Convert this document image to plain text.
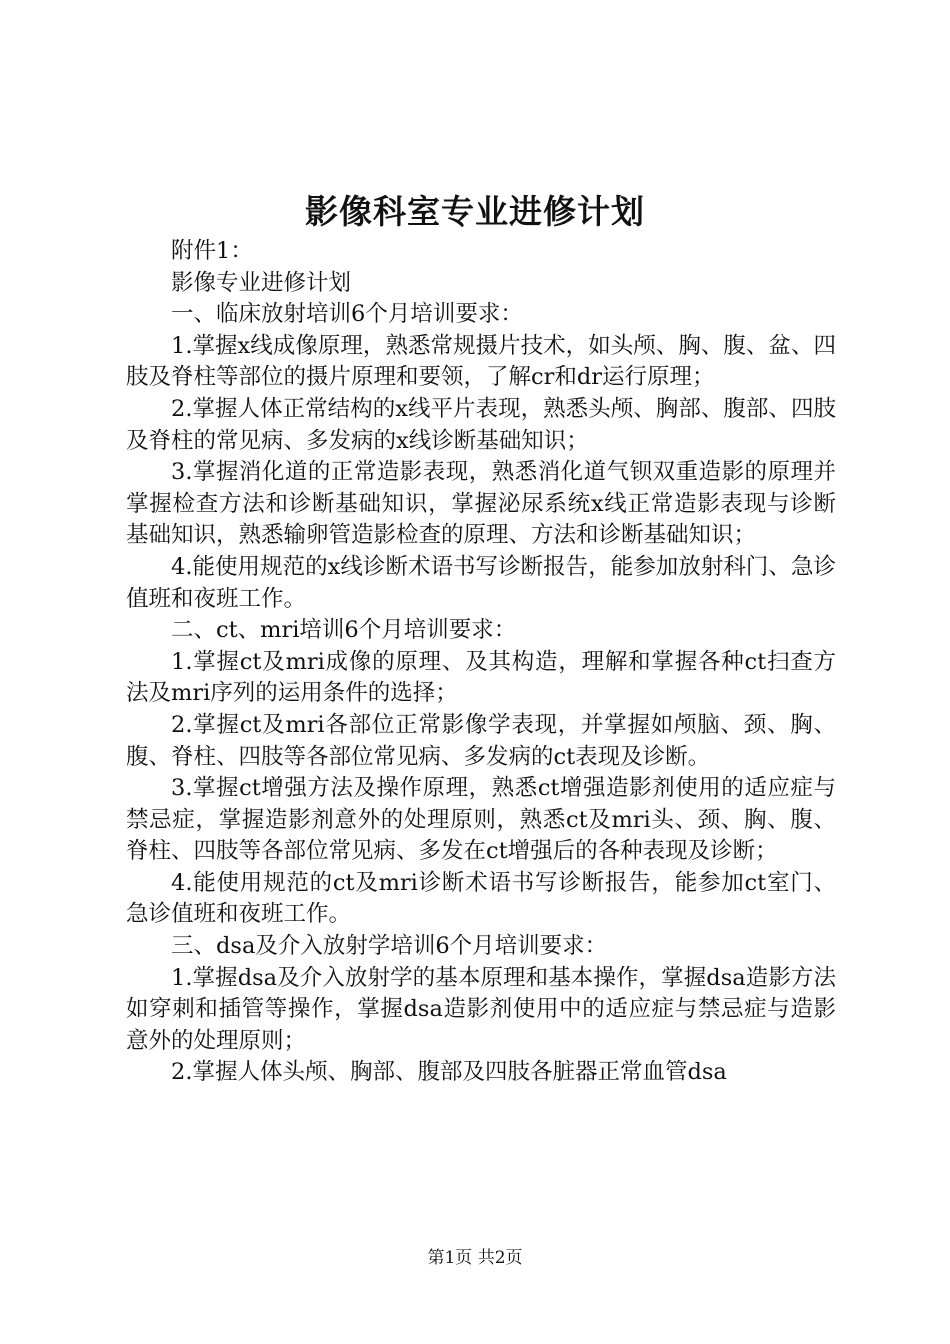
影像科室专业进修计划

附件1：

影像专业进修计划

一、临床放射培训6个月培训要求：

1.掌握x线成像原理，熟悉常规摄片技术，如头颅、胸、腹、盆、四肢及脊柱等部位的摄片原理和要领，了解cr和dr运行原理；

2.掌握人体正常结构的x线平片表现，熟悉头颅、胸部、腹部、四肢及脊柱的常见病、多发病的x线诊断基础知识；

3.掌握消化道的正常造影表现，熟悉消化道气钡双重造影的原理并掌握检查方法和诊断基础知识，掌握泌尿系统x线正常造影表现与诊断基础知识，熟悉输卵管造影检查的原理、方法和诊断基础知识；

4.能使用规范的x线诊断术语书写诊断报告，能参加放射科门、急诊值班和夜班工作。

二、ct、mri培训6个月培训要求：

1.掌握ct及mri成像的原理、及其构造，理解和掌握各种ct扫查方法及mri序列的运用条件的选择；

2.掌握ct及mri各部位正常影像学表现，并掌握如颅脑、颈、胸、腹、脊柱、四肢等各部位常见病、多发病的ct表现及诊断。

3.掌握ct增强方法及操作原理，熟悉ct增强造影剂使用的适应症与禁忌症，掌握造影剂意外的处理原则，熟悉ct及mri头、颈、胸、腹、脊柱、四肢等各部位常见病、多发在ct增强后的各种表现及诊断；

4.能使用规范的ct及mri诊断术语书写诊断报告，能参加ct室门、急诊值班和夜班工作。

三、dsa及介入放射学培训6个月培训要求：

1.掌握dsa及介入放射学的基本原理和基本操作，掌握dsa造影方法如穿刺和插管等操作，掌握dsa造影剂使用中的适应症与禁忌症与造影意外的处理原则；

2.掌握人体头颅、胸部、腹部及四肢各脏器正常血管dsa

第1页 共2页
